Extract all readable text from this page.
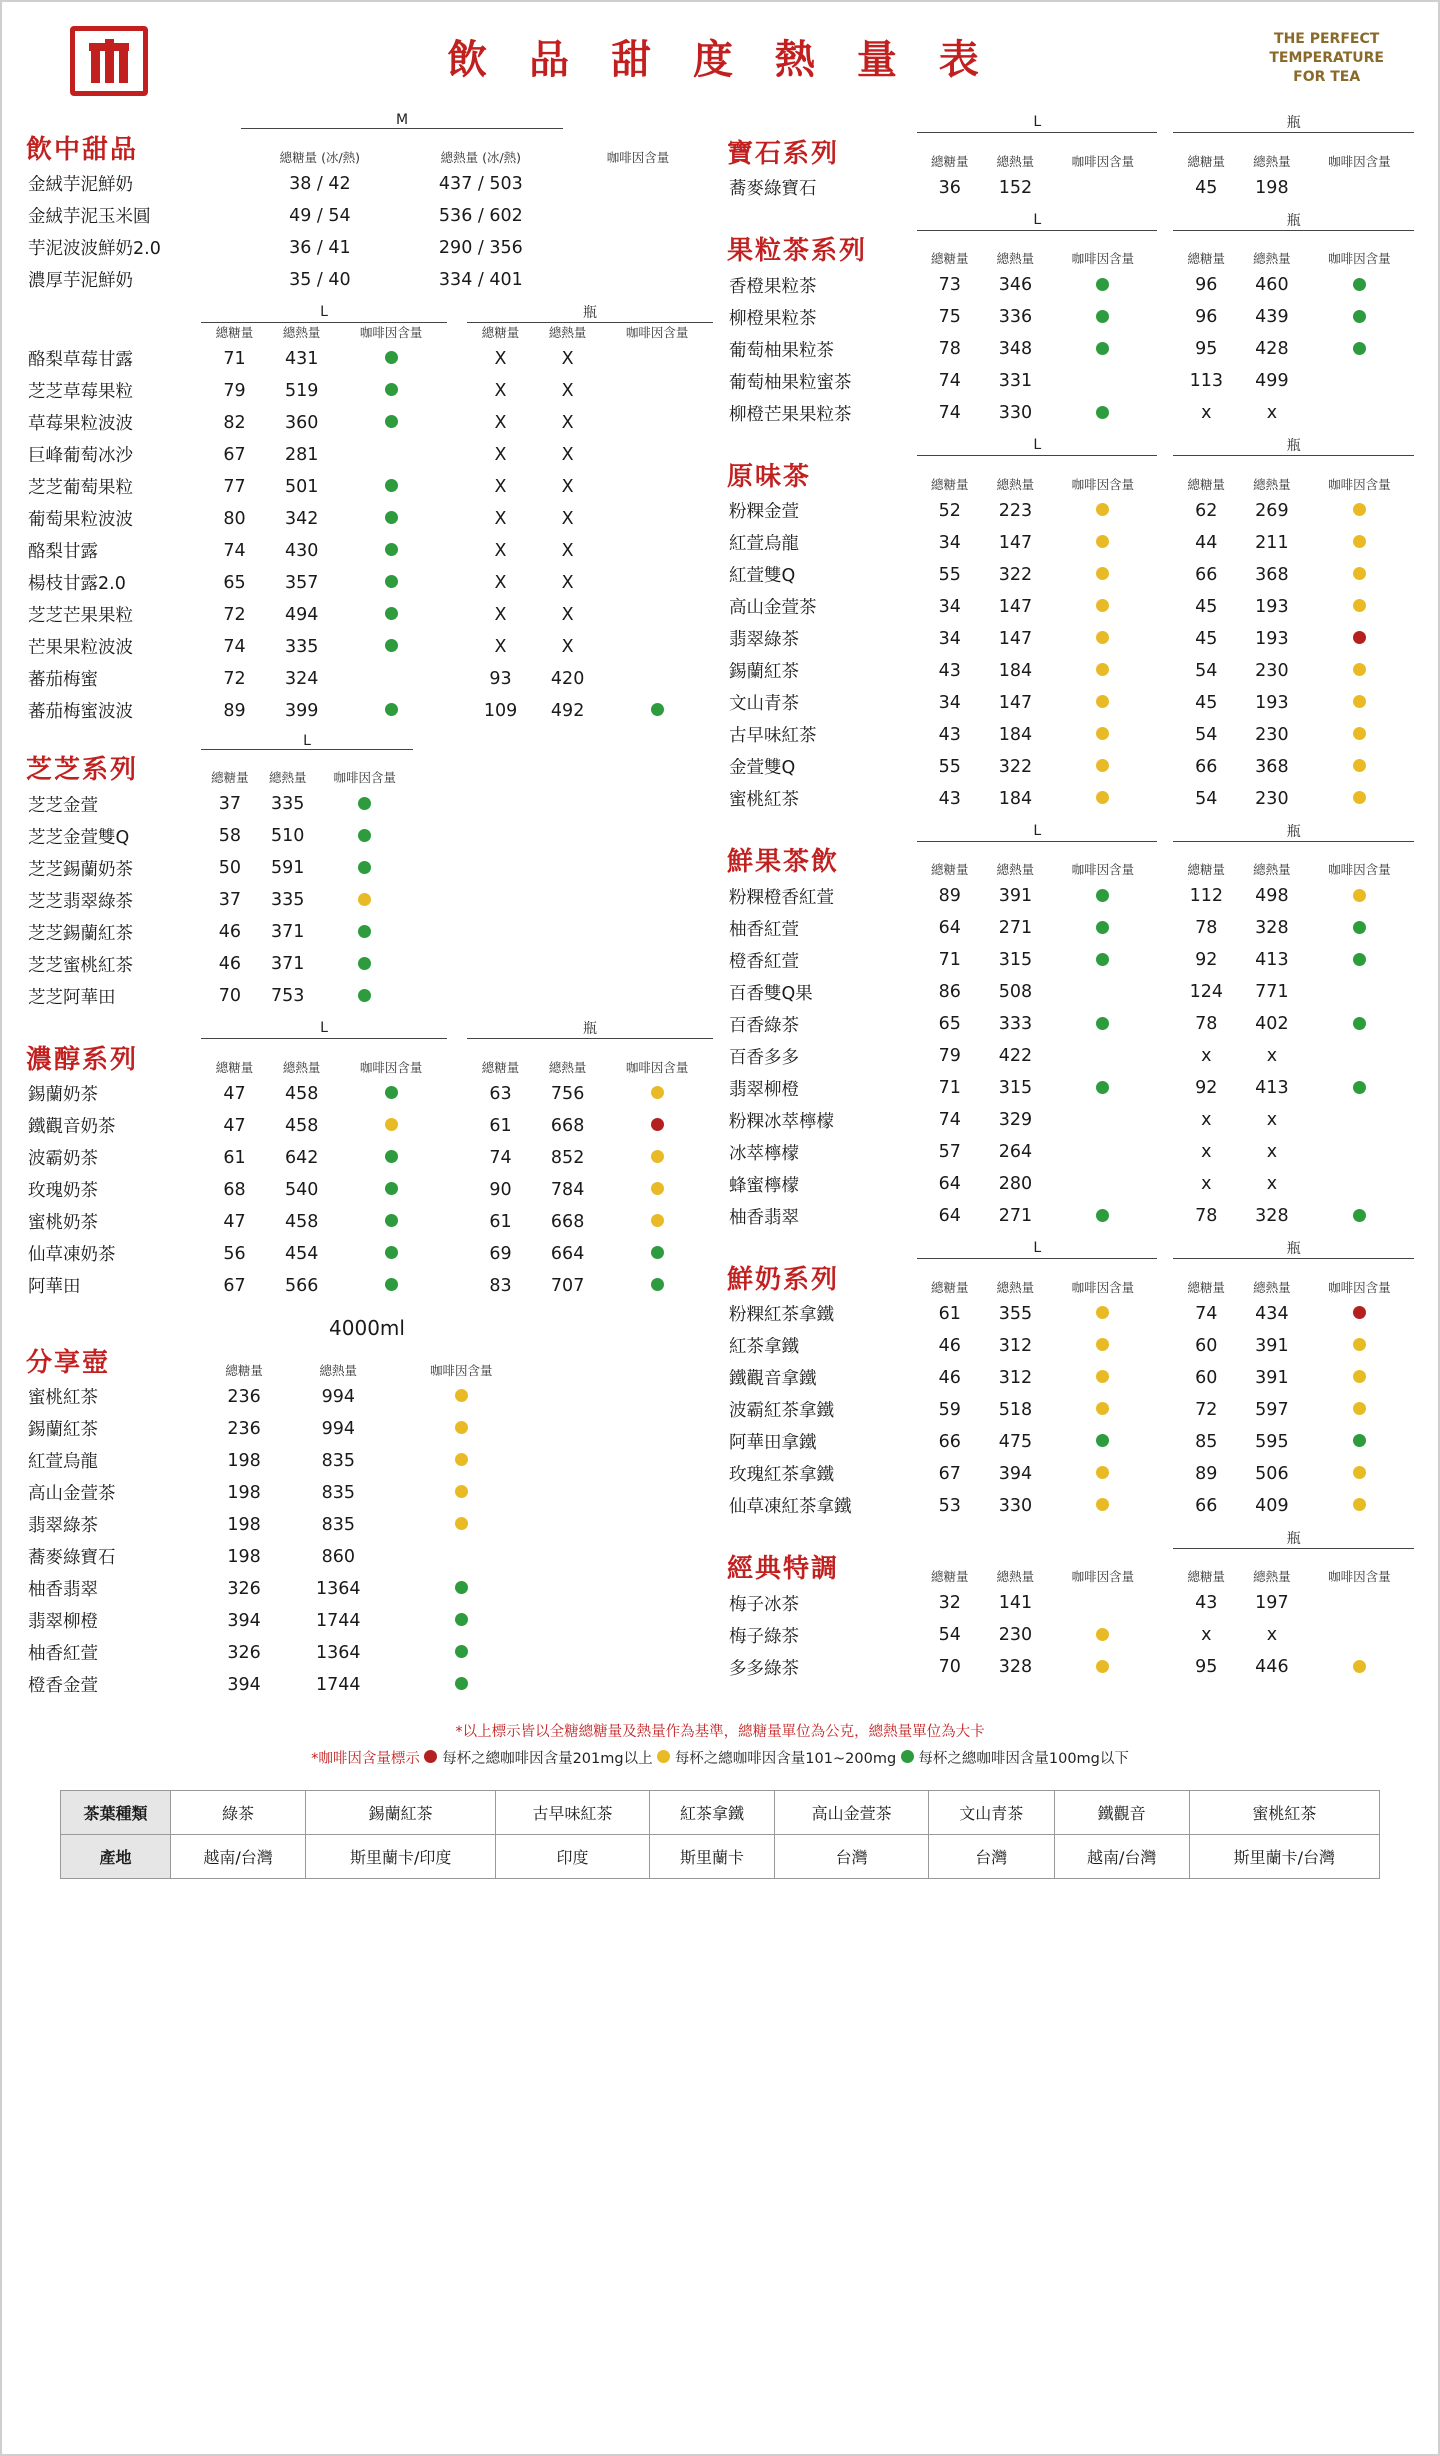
飲 品 甜 度 熱 量 表	THE PERFECT
TEMPERATURE
FOR TEA
	M		
飲中甜品	總糖量 (冰/熱)	總熱量 (冰/熱)	咖啡因含量
金絨芋泥鮮奶	38 / 42	437 / 503	
金絨芋泥玉米圓	49 / 54	536 / 602	
芋泥波波鮮奶2.0	36 / 41	290 / 356	
濃厚芋泥鮮奶	35 / 40	334 / 401	
	L				瓶		
	總糖量	總熱量	咖啡因含量		總糖量	總熱量	咖啡因含量
酪梨草莓甘露	71	431			X	X	
芝芝草莓果粒	79	519			X	X	
草莓果粒波波	82	360			X	X	
巨峰葡萄冰沙	67	281			X	X	
芝芝葡萄果粒	77	501			X	X	
葡萄果粒波波	80	342			X	X	
酪梨甘露	74	430			X	X	
楊枝甘露2.0	65	357			X	X	
芝芝芒果果粒	72	494			X	X	
芒果果粒波波	74	335			X	X	
蕃茄梅蜜	72	324			93	420	
蕃茄梅蜜波波	89	399			109	492	
	L			
芝芝系列	總糖量	總熱量	咖啡因含量	
芝芝金萱	37	335		
芝芝金萱雙Q	58	510		
芝芝錫蘭奶茶	50	591		
芝芝翡翠綠茶	37	335		
芝芝錫蘭紅茶	46	371		
芝芝蜜桃紅茶	46	371		
芝芝阿華田	70	753		
	L				瓶		
濃醇系列	總糖量	總熱量	咖啡因含量		總糖量	總熱量	咖啡因含量
錫蘭奶茶	47	458			63	756	
鐵觀音奶茶	47	458			61	668	
波霸奶茶	61	642			74	852	
玫瑰奶茶	68	540			90	784	
蜜桃奶茶	47	458			61	668	
仙草凍奶茶	56	454			69	664	
阿華田	67	566			83	707	
	4000ml			
分享壺	總糖量	總熱量	咖啡因含量	
蜜桃紅茶	236	994		
錫蘭紅茶	236	994		
紅萱烏龍	198	835		
高山金萱茶	198	835		
翡翠綠茶	198	835		
蕎麥綠寶石	198	860		
柚香翡翠	326	1364		
翡翠柳橙	394	1744		
柚香紅萱	326	1364		
橙香金萱	394	1744		
	L				瓶		
寶石系列	總糖量	總熱量	咖啡因含量		總糖量	總熱量	咖啡因含量
蕎麥綠寶石	36	152			45	198	
	L				瓶		
果粒茶系列	總糖量	總熱量	咖啡因含量		總糖量	總熱量	咖啡因含量
香橙果粒茶	73	346			96	460	
柳橙果粒茶	75	336			96	439	
葡萄柚果粒茶	78	348			95	428	
葡萄柚果粒蜜茶	74	331			113	499	
柳橙芒果果粒茶	74	330			x	x	
	L				瓶		
原味茶	總糖量	總熱量	咖啡因含量		總糖量	總熱量	咖啡因含量
粉粿金萱	52	223			62	269	
紅萱烏龍	34	147			44	211	
紅萱雙Q	55	322			66	368	
高山金萱茶	34	147			45	193	
翡翠綠茶	34	147			45	193	
錫蘭紅茶	43	184			54	230	
文山青茶	34	147			45	193	
古早味紅茶	43	184			54	230	
金萱雙Q	55	322			66	368	
蜜桃紅茶	43	184			54	230	
	L				瓶		
鮮果茶飲	總糖量	總熱量	咖啡因含量		總糖量	總熱量	咖啡因含量
粉粿橙香紅萱	89	391			112	498	
柚香紅萱	64	271			78	328	
橙香紅萱	71	315			92	413	
百香雙Q果	86	508			124	771	
百香綠茶	65	333			78	402	
百香多多	79	422			x	x	
翡翠柳橙	71	315			92	413	
粉粿冰萃檸檬	74	329			x	x	
冰萃檸檬	57	264			x	x	
蜂蜜檸檬	64	280			x	x	
柚香翡翠	64	271			78	328	
	L				瓶		
鮮奶系列	總糖量	總熱量	咖啡因含量		總糖量	總熱量	咖啡因含量
粉粿紅茶拿鐵	61	355			74	434	
紅茶拿鐵	46	312			60	391	
鐵觀音拿鐵	46	312			60	391	
波霸紅茶拿鐵	59	518			72	597	
阿華田拿鐵	66	475			85	595	
玫瑰紅茶拿鐵	67	394			89	506	
仙草凍紅茶拿鐵	53	330			66	409	
					瓶		
經典特調	總糖量	總熱量	咖啡因含量		總糖量	總熱量	咖啡因含量
梅子冰茶	32	141			43	197	
梅子綠茶	54	230			x	x	
多多綠茶	70	328			95	446	
*以上標示皆以全糖總糖量及熱量作為基準，總糖量單位為公克，總熱量單位為大卡
*咖啡因含量標示 每杯之總咖啡因含量201mg以上 每杯之總咖啡因含量101~200mg 每杯之總咖啡因含量100mg以下
茶葉種類	綠茶	錫蘭紅茶	古早味紅茶	紅茶拿鐵	高山金萱茶	文山青茶	鐵觀音	蜜桃紅茶
產地	越南/台灣	斯里蘭卡/印度	印度	斯里蘭卡	台灣	台灣	越南/台灣	斯里蘭卡/台灣
